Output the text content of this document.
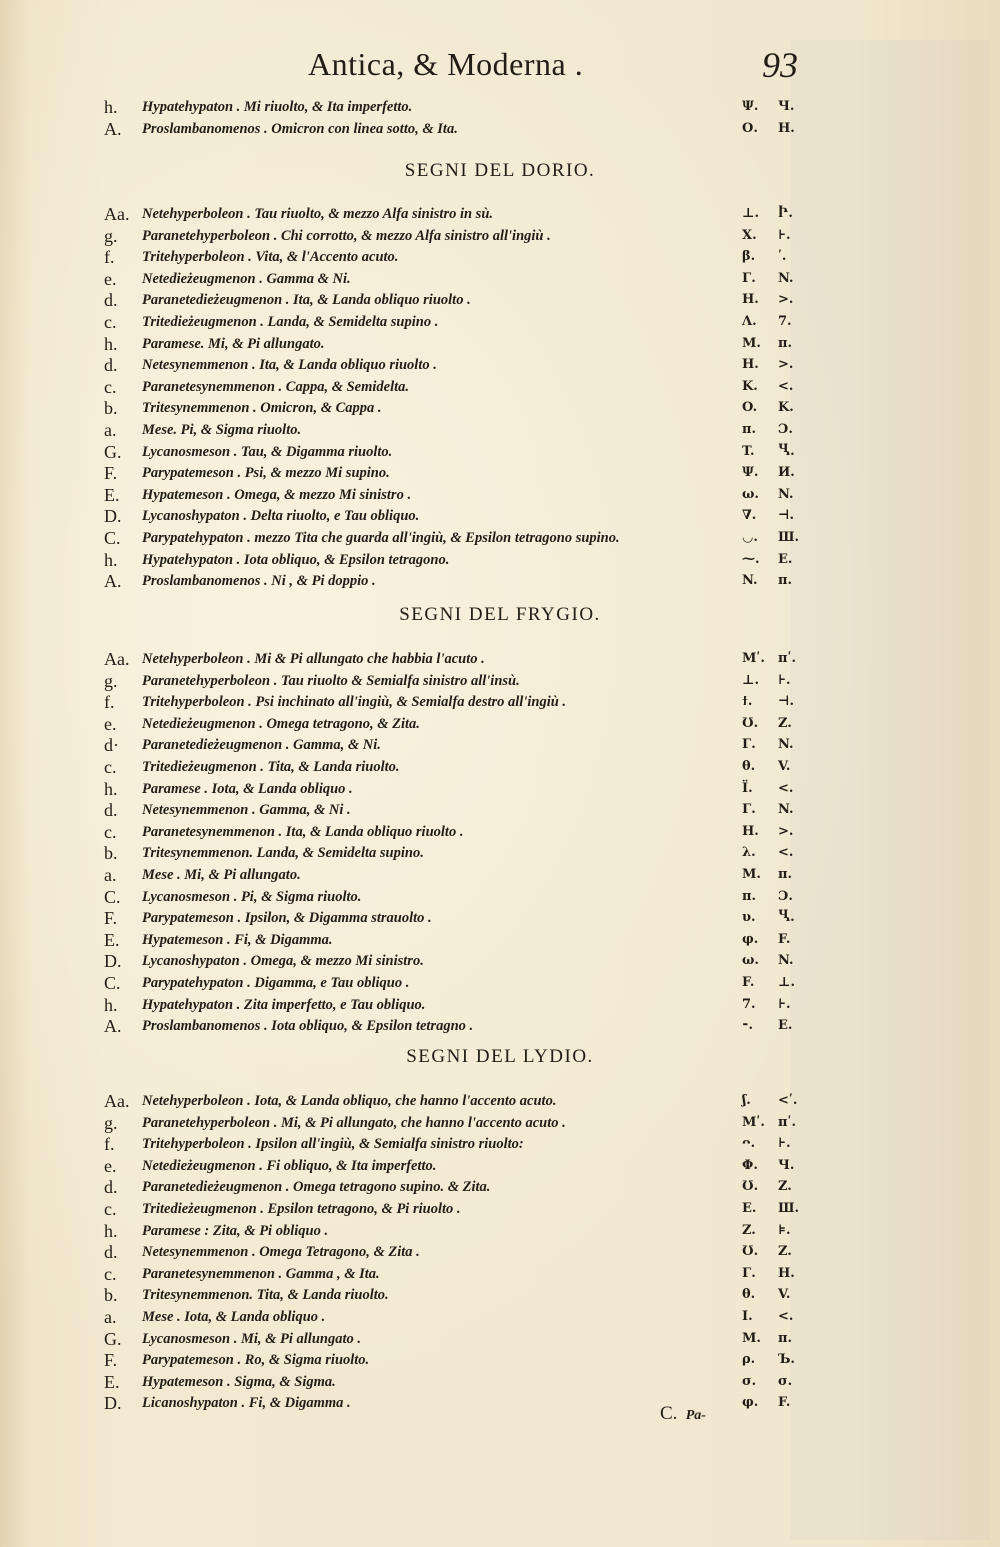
Antica, & Moderna .	93
h. Hypatehypaton . Mi riuolto, & Ita imperfetto.	Ψ. Ч.
A. Proslambanomenos . Omicron con linea sotto, & Ita.	Ο. H.
SEGNI DEL DORIO.
Aa. Netehyperboleon . Tau riuolto, & mezzo Alfa sinistro in sù.	⊥. Ⴡ.
g. Paranetehyperboleon . Chi corrotto, & mezzo Alfa sinistro all'ingiù .	Χ. ⊦.
f. Tritehyperboleon . Vita, & l'Accento acuto.	β. ʹ.
e. Netedieżeugmenon . Gamma & Ni.	Γ. N.
d. Paranetedieżeugmenon . Ita, & Landa obliquo riuolto .	H. >.
c. Tritedieżeugmenon . Landa, & Semidelta supino .	Λ. 7.
h. Paramese. Mi, & Pi allungato.	M. π.
d. Netesynemmenon . Ita, & Landa obliquo riuolto .	H. >.
c. Paranetesynemmenon . Cappa, & Semidelta.	K. <.
b. Tritesynemmenon . Omicron, & Cappa .	O. K.
a. Mese. Pi, & Sigma riuolto.	π. Ɔ.
G. Lycanosmeson . Tau, & Digamma riuolto.	T. Ⴁ.
F. Parypatemeson . Psi, & mezzo Mi supino.	Ψ. И.
E. Hypatemeson . Omega, & mezzo Mi sinistro .	ω. N.
D. Lycanoshypaton . Delta riuolto, e Tau obliquo.	∇. ⊣.
C. Parypatehypaton . mezzo Tita che guarda all'ingiù, & Epsilon tetragono supino.	◡. Ш.
h. Hypatehypaton . Iota obliquo, & Epsilon tetragono.	⁓. E.
A. Proslambanomenos . Ni , & Pi doppio .	N. π.
SEGNI DEL FRYGIO.
Aa. Netehyperboleon . Mi & Pi allungato che habbia l'acuto .	Mʹ. πʹ.
g. Paranetehyperboleon . Tau riuolto & Semialfa sinistro all'insù.	⊥. ⊦.
f. Tritehyperboleon . Psi inchinato all'ingiù, & Semialfa destro all'ingiù .	ϯ. ⊣.
e. Netedieżeugmenon . Omega tetragono, & Zita.	Ʊ. Z.
d· Paranetedieżeugmenon . Gamma, & Ni.	Γ. N.
c. Tritedieżeugmenon . Tita, & Landa riuolto.	θ. V.
h. Paramese . Iota, & Landa obliquo .	Ϊ. <.
d. Netesynemmenon . Gamma, & Ni .	Γ. N.
c. Paranetesynemmenon . Ita, & Landa obliquo riuolto .	H. >.
b. Tritesynemmenon. Landa, & Semidelta supino.	λ. <.
a. Mese . Mi, & Pi allungato.	M. π.
C. Lycanosmeson . Pi, & Sigma riuolto.	π. Ɔ.
F. Parypatemeson . Ipsilon, & Digamma strauolto .	υ. Ⴁ.
E. Hypatemeson . Fi, & Digamma.	φ. F.
D. Lycanoshypaton . Omega, & mezzo Mi sinistro.	ω. N.
C. Parypatehypaton . Digamma, e Tau obliquo .	F. ⊥.
h. Hypatehypaton . Zita imperfetto, e Tau obliquo.	7. ⊦.
A. Proslambanomenos . Iota obliquo, & Epsilon tetragno .	⁃. E.
SEGNI DEL LYDIO.
Aa. Netehyperboleon . Iota, & Landa obliquo, che hanno l'accento acuto.	ʃ. <ʹ.
g. Paranetehyperboleon . Mi, & Pi allungato, che hanno l'accento acuto .	Mʹ. πʹ.
f. Tritehyperboleon . Ipsilon all'ingiù, & Semialfa sinistro riuolto:	ᴖ. ⊦.
e. Netedieżeugmenon . Fi obliquo, & Ita imperfetto.	Φ. Ч.
d. Paranetedieżeugmenon . Omega tetragono supino. & Zita.	Ʊ. Z.
c. Tritedieżeugmenon . Epsilon tetragono, & Pi riuolto .	E. Ш.
h. Paramese : Zita, & Pi obliquo .	Z. ⊧.
d. Netesynemmenon . Omega Tetragono, & Zita .	Ʊ. Z.
c. Paranetesynemmenon . Gamma , & Ita.	Γ. H.
b. Tritesynemmenon. Tita, & Landa riuolto.	θ. V.
a. Mese . Iota, & Landa obliquo .	Ι. <.
G. Lycanosmeson . Mi, & Pi allungato .	M. π.
F. Parypatemeson . Ro, & Sigma riuolto.	ρ. Ъ.
E. Hypatemeson . Sigma, & Sigma.	σ. σ.
D. Licanoshypaton . Fi, & Digamma .	φ. F.
C. Pa-
